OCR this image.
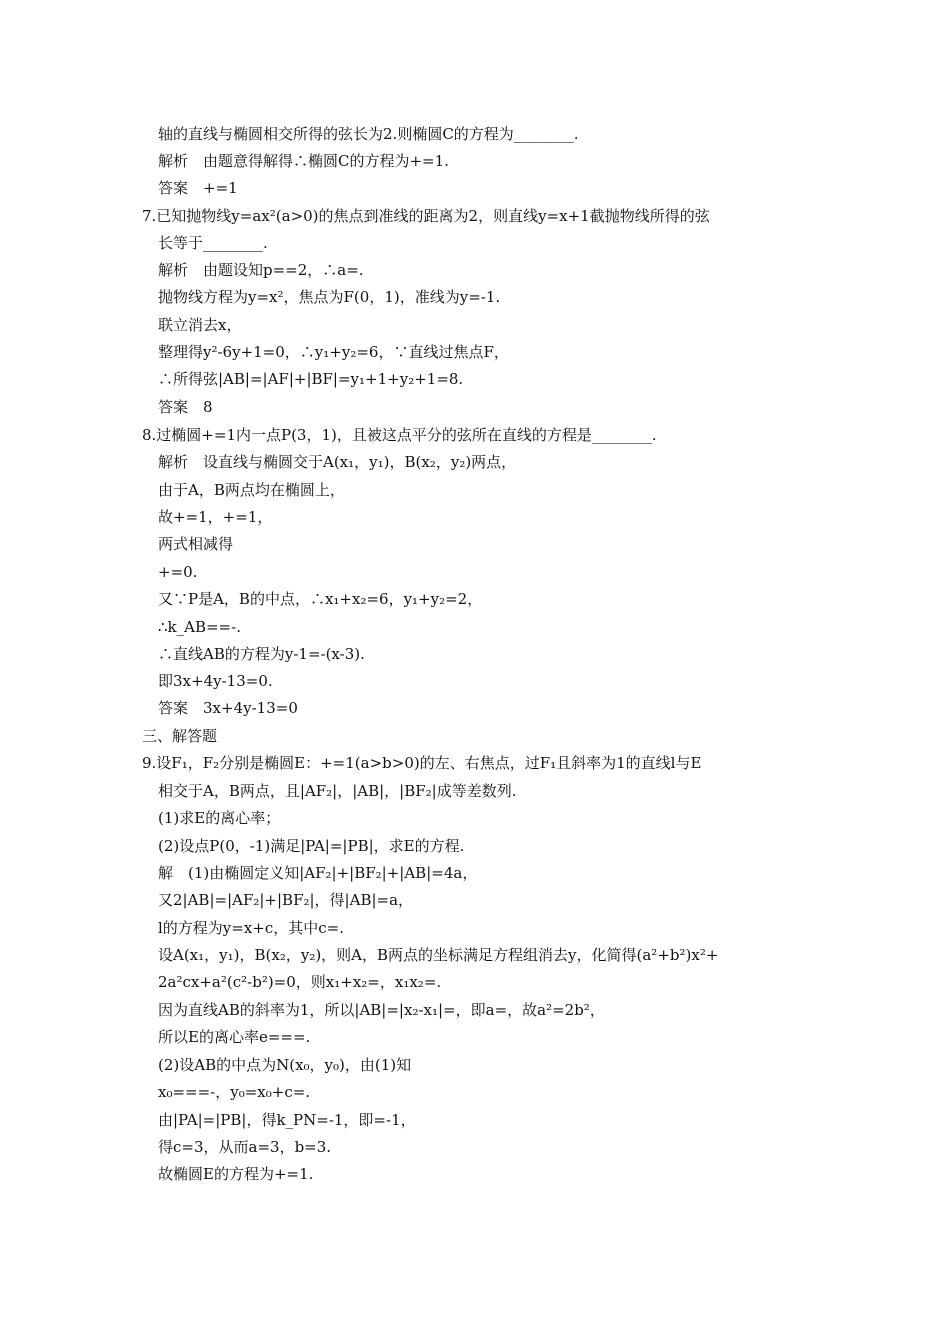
轴的直线与椭圆相交所得的弦长为2.则椭圆C的方程为________.
解析　由题意得解得∴椭圆C的方程为+=1.
答案　+=1
7.已知抛物线y=ax²(a>0)的焦点到准线的距离为2，则直线y=x+1截抛物线所得的弦
长等于________.
解析　由题设知p==2，∴a=.
抛物线方程为y=x²，焦点为F(0，1)，准线为y=-1.
联立消去x，
整理得y²-6y+1=0，∴y₁+y₂=6，∵直线过焦点F，
∴所得弦|AB|=|AF|+|BF|=y₁+1+y₂+1=8.
答案　8
8.过椭圆+=1内一点P(3，1)，且被这点平分的弦所在直线的方程是________.
解析　设直线与椭圆交于A(x₁，y₁)，B(x₂，y₂)两点，
由于A，B两点均在椭圆上，
故+=1，+=1，
两式相减得
+=0.
又∵P是A，B的中点，∴x₁+x₂=6，y₁+y₂=2，
∴k_AB==-.
∴直线AB的方程为y-1=-(x-3).
即3x+4y-13=0.
答案　3x+4y-13=0
三、解答题
9.设F₁，F₂分别是椭圆E：+=1(a>b>0)的左、右焦点，过F₁且斜率为1的直线l与E
相交于A，B两点，且|AF₂|，|AB|，|BF₂|成等差数列.
(1)求E的离心率；
(2)设点P(0，-1)满足|PA|=|PB|，求E的方程.
解　(1)由椭圆定义知|AF₂|+|BF₂|+|AB|=4a，
又2|AB|=|AF₂|+|BF₂|，得|AB|=a，
l的方程为y=x+c，其中c=.
设A(x₁，y₁)，B(x₂，y₂)，则A，B两点的坐标满足方程组消去y，化简得(a²+b²)x²+
2a²cx+a²(c²-b²)=0，则x₁+x₂=，x₁x₂=.
因为直线AB的斜率为1，所以|AB|=|x₂-x₁|=，即a=，故a²=2b²，
所以E的离心率e===.
(2)设AB的中点为N(x₀，y₀)，由(1)知
x₀===-，y₀=x₀+c=.
由|PA|=|PB|，得k_PN=-1，即=-1，
得c=3，从而a=3，b=3.
故椭圆E的方程为+=1.
